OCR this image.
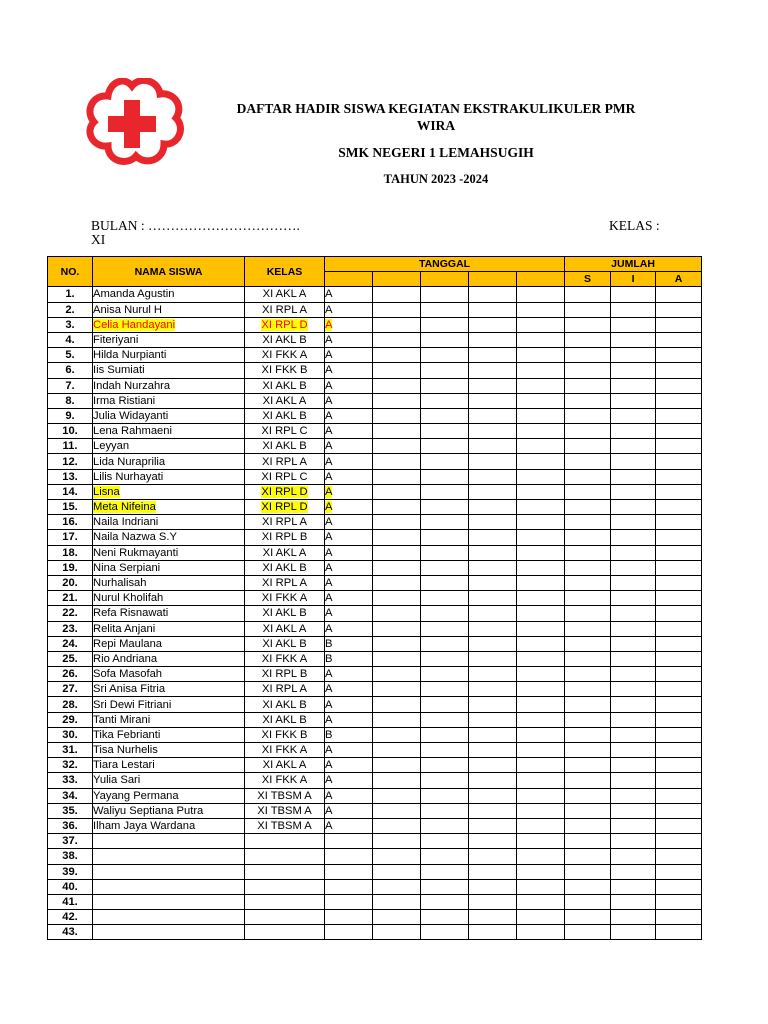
DAFTAR HADIR SISWA KEGIATAN EKSTRAKULIKULER PMR
WIRA
SMK NEGERI 1 LEMAHSUGIH
TAHUN 2023 -2024
BULAN : …………………………….	KELAS :
XI
NO.	NAMA SISWA	KELAS	TANGGAL					JUMLAH		
								S	I	A
1.	Amanda Agustin	XI AKL A	A							
2.	Anisa Nurul H	XI RPL A	A							
3.	Celia Handayani	XI RPL D	A							
4.	Fiteriyani	XI AKL B	A							
5.	Hilda Nurpianti	XI FKK A	A							
6.	Iis Sumiati	XI FKK B	A							
7.	Indah Nurzahra	XI AKL B	A							
8.	Irma Ristiani	XI AKL A	A							
9.	Julia Widayanti	XI AKL B	A							
10.	Lena Rahmaeni	XI RPL C	A							
11.	Leyyan	XI AKL B	A							
12.	Lida Nuraprilia	XI RPL A	A							
13.	Lilis Nurhayati	XI RPL C	A							
14.	Lisna	XI RPL D	A							
15.	Meta Nifeina	XI RPL D	A							
16.	Naila Indriani	XI RPL A	A							
17.	Naila Nazwa S.Y	XI RPL B	A							
18.	Neni Rukmayanti	XI AKL A	A							
19.	Nina Serpiani	XI AKL B	A							
20.	Nurhalisah	XI RPL A	A							
21.	Nurul Kholifah	XI FKK A	A							
22.	Refa Risnawati	XI AKL B	A							
23.	Relita Anjani	XI AKL A	A							
24.	Repi Maulana	XI AKL B	B							
25.	Rio Andriana	XI FKK A	B							
26.	Sofa Masofah	XI RPL B	A							
27.	Sri Anisa Fitria	XI RPL A	A							
28.	Sri Dewi Fitriani	XI AKL B	A							
29.	Tanti Mirani	XI AKL B	A							
30.	Tika Febrianti	XI FKK B	B							
31.	Tisa Nurhelis	XI FKK A	A							
32.	Tiara Lestari	XI AKL A	A							
33.	Yulia Sari	XI FKK A	A							
34.	Yayang Permana	XI TBSM A	A							
35.	Waliyu Septiana Putra	XI TBSM A	A							
36.	Ilham Jaya Wardana	XI TBSM A	A							
37.										
38.										
39.										
40.										
41.										
42.										
43.										
